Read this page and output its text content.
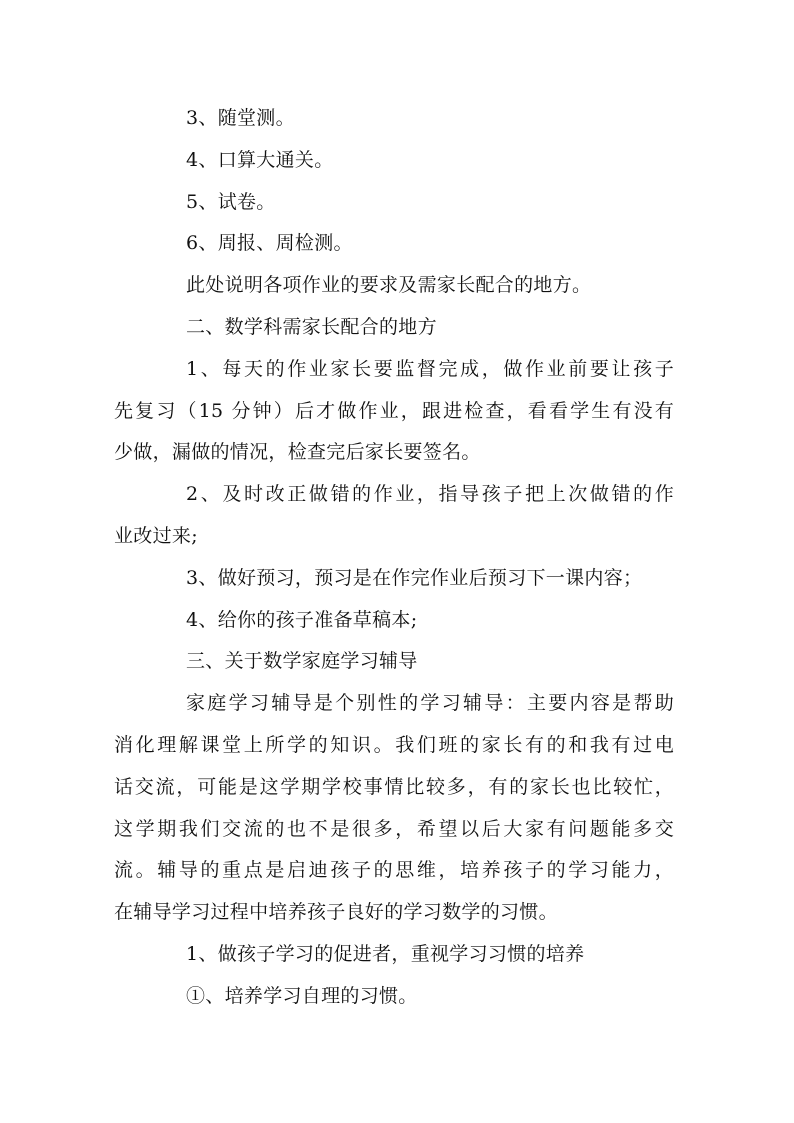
3、随堂测。
4、口算大通关。
5、试卷。
6、周报、周检测。
此处说明各项作业的要求及需家长配合的地方。
二、数学科需家长配合的地方
1、每天的作业家长要监督完成，做作业前要让孩子
先复习（15 分钟）后才做作业，跟进检查，看看学生有没有
少做，漏做的情况，检查完后家长要签名。
2、及时改正做错的作业，指导孩子把上次做错的作
业改过来;
3、做好预习，预习是在作完作业后预习下一课内容；
4、给你的孩子准备草稿本;
三、关于数学家庭学习辅导
家庭学习辅导是个别性的学习辅导：主要内容是帮助
消化理解课堂上所学的知识。我们班的家长有的和我有过电
话交流，可能是这学期学校事情比较多，有的家长也比较忙，
这学期我们交流的也不是很多，希望以后大家有问题能多交
流。辅导的重点是启迪孩子的思维，培养孩子的学习能力，
在辅导学习过程中培养孩子良好的学习数学的习惯。
1、做孩子学习的促进者，重视学习习惯的培养
①、培养学习自理的习惯。
